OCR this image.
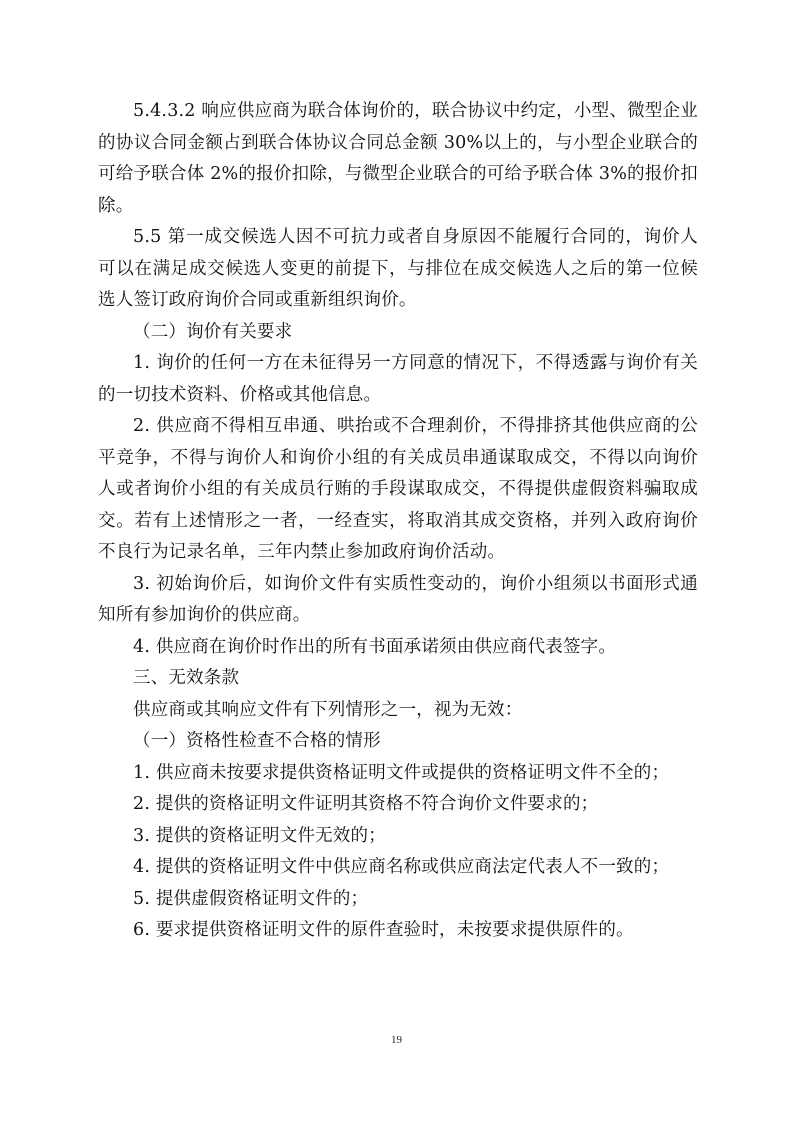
5.4.3.2 响应供应商为联合体询价的，联合协议中约定，小型、微型企业的协议合同金额占到联合体协议合同总金额 30%以上的，与小型企业联合的可给予联合体 2%的报价扣除，与微型企业联合的可给予联合体 3%的报价扣除。

5.5 第一成交候选人因不可抗力或者自身原因不能履行合同的，询价人可以在满足成交候选人变更的前提下，与排位在成交候选人之后的第一位候选人签订政府询价合同或重新组织询价。

（二）询价有关要求

1. 询价的任何一方在未征得另一方同意的情况下，不得透露与询价有关的一切技术资料、价格或其他信息。

2. 供应商不得相互串通、哄抬或不合理刹价，不得排挤其他供应商的公平竞争，不得与询价人和询价小组的有关成员串通谋取成交，不得以向询价人或者询价小组的有关成员行贿的手段谋取成交，不得提供虚假资料骗取成交。若有上述情形之一者，一经查实，将取消其成交资格，并列入政府询价不良行为记录名单，三年内禁止参加政府询价活动。

3. 初始询价后，如询价文件有实质性变动的，询价小组须以书面形式通知所有参加询价的供应商。

4. 供应商在询价时作出的所有书面承诺须由供应商代表签字。

三、无效条款

供应商或其响应文件有下列情形之一，视为无效：

（一）资格性检查不合格的情形

1. 供应商未按要求提供资格证明文件或提供的资格证明文件不全的；

2. 提供的资格证明文件证明其资格不符合询价文件要求的；

3. 提供的资格证明文件无效的；

4. 提供的资格证明文件中供应商名称或供应商法定代表人不一致的；

5. 提供虚假资格证明文件的；

6. 要求提供资格证明文件的原件查验时，未按要求提供原件的。

19
